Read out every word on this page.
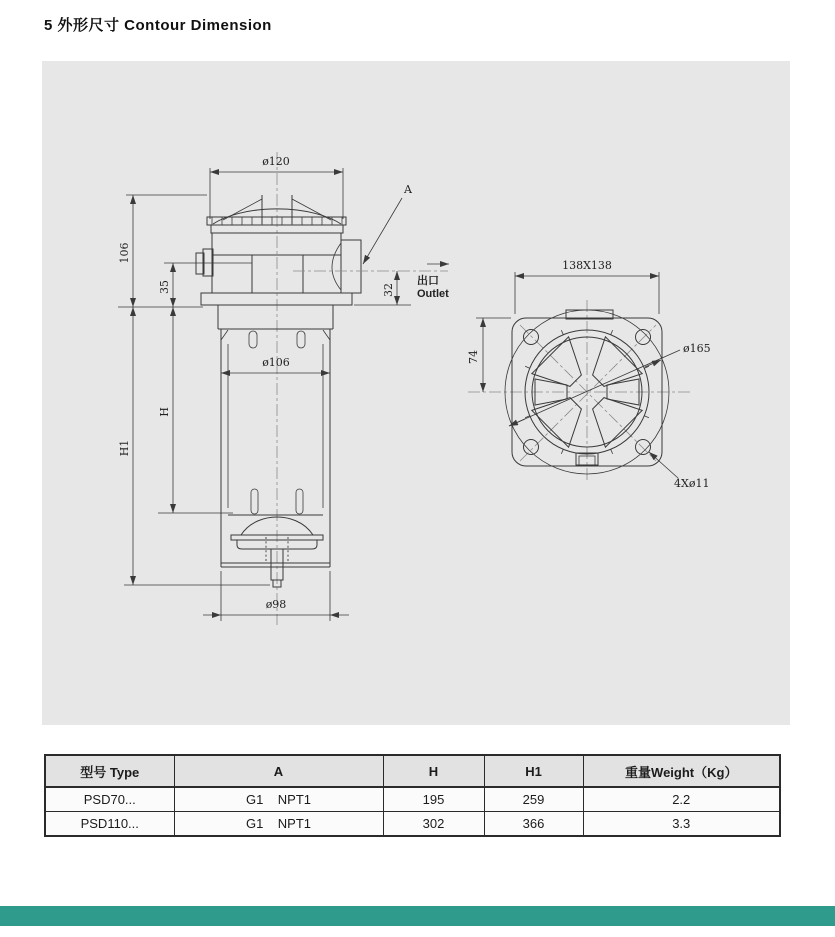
5 外形尺寸 Contour Dimension
ø120
A
106
35
H
H1
32
出口
Outlet
ø106
ø98
138X138
74
ø165
4Xø11
型号 Type	A	H	H1	重量Weight（Kg）
PSD70...	G1    NPT1	195	259	2.2
PSD110...	G1    NPT1	302	366	3.3
